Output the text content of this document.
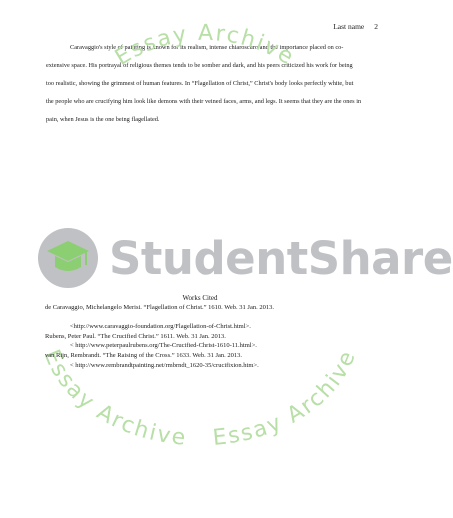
Last name 2

Caravaggio's style of painting is known for its realism, intense chiaroscuro and the importance placed on co-extensive space. His portrayal of religious themes tends to be somber and dark, and his peers criticized his work for being too realistic, showing the grimmest of human features. In “Flagellation of Christ,” Christ's body looks perfectly white, but the people who are crucifying him look like demons with their veined faces, arms, and legs. It seems that they are the ones in pain, when Jesus is the one being flagellated.

Essay Archive
Essay Archive Essay Archive
StudentShare

Works Cited

de Caravaggio, Michelangelo Merisi. “Flagellation of Christ.” 1610. Web. 31 Jan. 2013.
<http://www.caravaggio-foundation.org/Flagellation-of-Christ.html>.
Rubens, Peter Paul. “The Crucified Christ.” 1611. Web. 31 Jan. 2013.
< http://www.peterpaulrubens.org/The-Crucified-Christ-1610-11.html>.
van Rijn, Rembrandt. “The Raising of the Cross.” 1633. Web. 31 Jan. 2013.
< http://www.rembrandtpainting.net/rmbrndt_1620-35/crucifixion.htm>.
